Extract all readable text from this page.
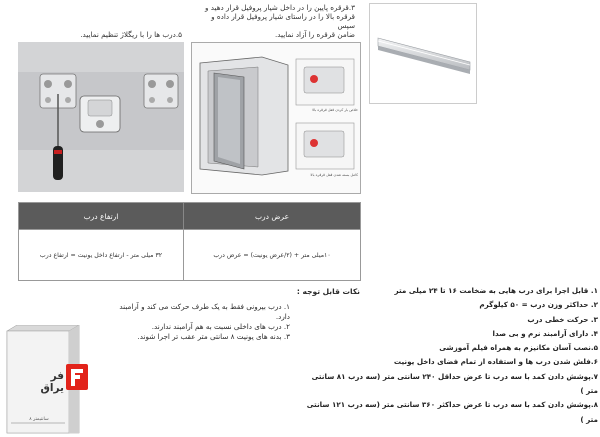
۳.قرقره پایین را در داخل شیار پروفیل قرار دهید و
قرقره بالا را در راستای شیار پروفیل قرار داده و سپس
ضامن قرقره را آزاد نمایید.
۵.درب ها را با ریگلاژ تنظیم نمایید.
خلاص بار کردن قفل قرقره بالا
کامل بسته شدن قفل قرقره بالا
ارتفاع درب	عرض درب
۳۲ میلی متر - ارتفاع داخل یونیت = ارتفاع درب	۱۰میلی متر + (۲/عرض یونیت) = عرض درب
نکات قابل توجه :
۱. درب بیرونی فقط به یک طرف حرکت می کند و آرامبند
دارد.
۲. درب های داخلی نسبت به هم آرامبند ندارند.
۳. بدنه های یونیت ۸ سانتی متر عقب تر اجرا شوند.
۱. قابل اجرا برای درب هایی به ضخامت ۱۶ تا ۲۴ میلی متر
۲. حداکثر وزن درب = ۵۰ کیلوگرم
۳. حرکت خطی درب
۴. دارای آرامبند نرم و بی صدا
۵.نصب آسان مکانیزم به همراه فیلم آموزشی
۶.فلش شدن درب ها و استفاده از تمام فضای داخل یونیت
۷.پوشش دادن کمد با سه درب تا عرض حداقل ۲۴۰ سانتی متر (سه درب ۸۱ سانتی متر )
۸.پوشش دادن کمد با سه درب تا عرض حداکثر ۳۶۰ سانتی متر (سه درب ۱۲۱ سانتی متر )
۸ سانتیمتر
فر یراق
